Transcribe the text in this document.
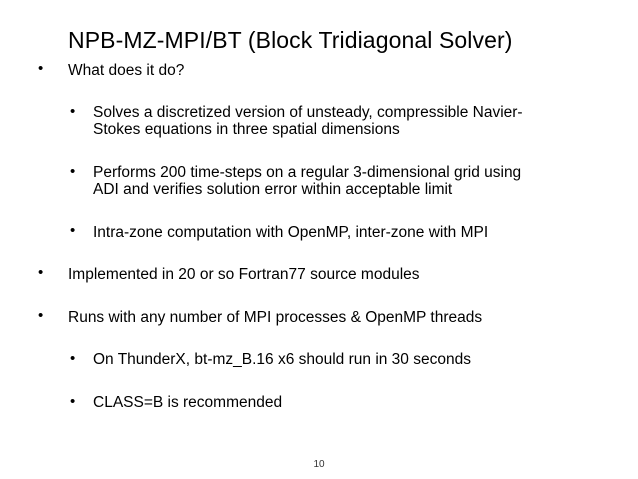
NPB-MZ-MPI/BT (Block Tridiagonal Solver)
• What does it do?
• Solves a discretized version of unsteady, compressible Navier-
Stokes equations in three spatial dimensions
• Performs 200 time-steps on a regular 3-dimensional grid using
ADI and verifies solution error within acceptable limit
• Intra-zone computation with OpenMP, inter-zone with MPI
• Implemented in 20 or so Fortran77 source modules
• Runs with any number of MPI processes & OpenMP threads
• On ThunderX, bt-mz_B.16 x6 should run in 30 seconds
• CLASS=B is recommended
10
